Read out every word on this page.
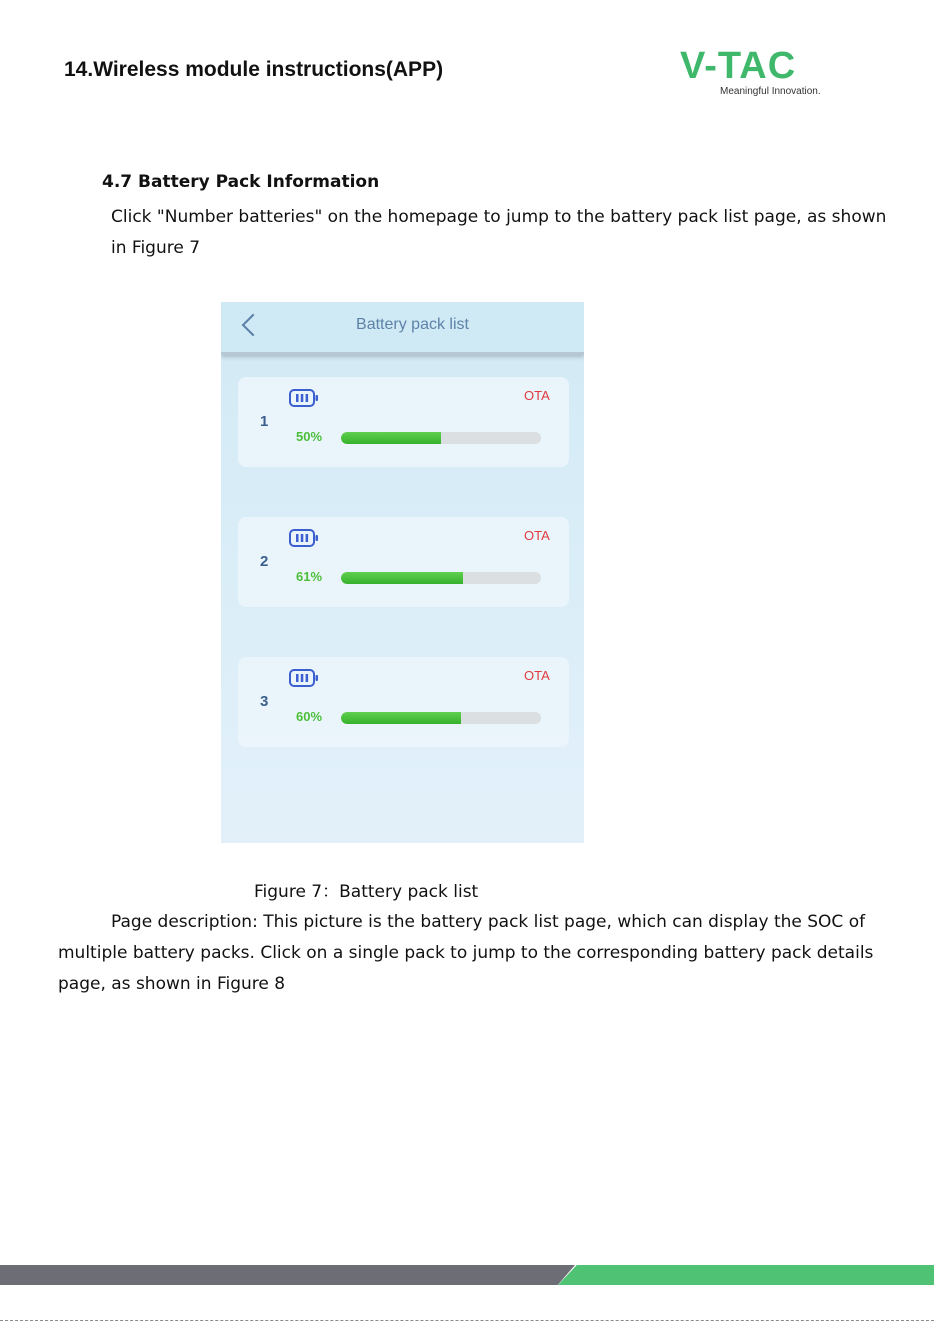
14.Wireless module instructions(APP)	V-TAC
Meaningful Innovation.
4.7 Battery Pack Information
Click "Number batteries" on the homepage to jump to the battery pack list page, as shown in Figure 7
Battery pack list
OTA
1
50%
OTA
2
61%
OTA
3
60%
Figure 7：Battery pack list
Page description: This picture is the battery pack list page, which can display the SOC of multiple battery packs. Click on a single pack to jump to the corresponding battery pack details page, as shown in Figure 8
